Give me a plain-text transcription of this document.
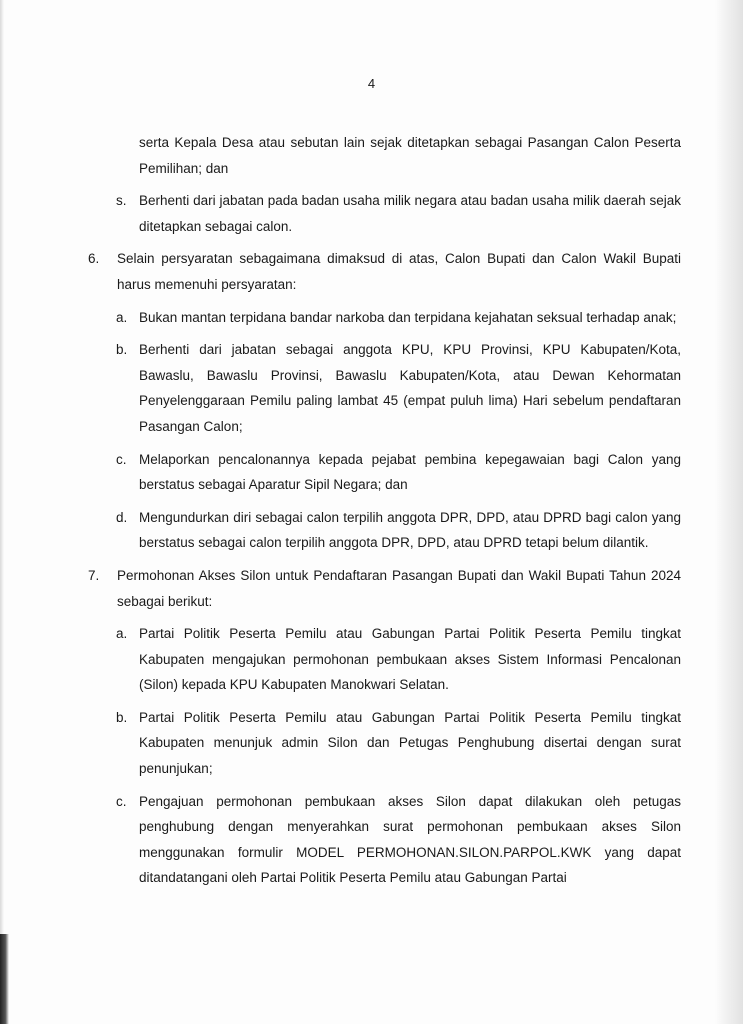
4
serta Kepala Desa atau sebutan lain sejak ditetapkan sebagai Pasangan Calon Peserta Pemilihan; dan
s. Berhenti dari jabatan pada badan usaha milik negara atau badan usaha milik daerah sejak ditetapkan sebagai calon.
6. Selain persyaratan sebagaimana dimaksud di atas, Calon Bupati dan Calon Wakil Bupati harus memenuhi persyaratan:
a. Bukan mantan terpidana bandar narkoba dan terpidana kejahatan seksual terhadap anak;
b. Berhenti dari jabatan sebagai anggota KPU, KPU Provinsi, KPU Kabupaten/Kota, Bawaslu, Bawaslu Provinsi, Bawaslu Kabupaten/Kota, atau Dewan Kehormatan Penyelenggaraan Pemilu paling lambat 45 (empat puluh lima) Hari sebelum pendaftaran Pasangan Calon;
c. Melaporkan pencalonannya kepada pejabat pembina kepegawaian bagi Calon yang berstatus sebagai Aparatur Sipil Negara; dan
d. Mengundurkan diri sebagai calon terpilih anggota DPR, DPD, atau DPRD bagi calon yang berstatus sebagai calon terpilih anggota DPR, DPD, atau DPRD tetapi belum dilantik.
7. Permohonan Akses Silon untuk Pendaftaran Pasangan Bupati dan Wakil Bupati Tahun 2024 sebagai berikut:
a. Partai Politik Peserta Pemilu atau Gabungan Partai Politik Peserta Pemilu tingkat Kabupaten mengajukan permohonan pembukaan akses Sistem Informasi Pencalonan (Silon) kepada KPU Kabupaten Manokwari Selatan.
b. Partai Politik Peserta Pemilu atau Gabungan Partai Politik Peserta Pemilu tingkat Kabupaten menunjuk admin Silon dan Petugas Penghubung disertai dengan surat penunjukan;
c. Pengajuan permohonan pembukaan akses Silon dapat dilakukan oleh petugas penghubung dengan menyerahkan surat permohonan pembukaan akses Silon menggunakan formulir MODEL PERMOHONAN.SILON.PARPOL.KWK yang dapat ditandatangani oleh Partai Politik Peserta Pemilu atau Gabungan Partai
